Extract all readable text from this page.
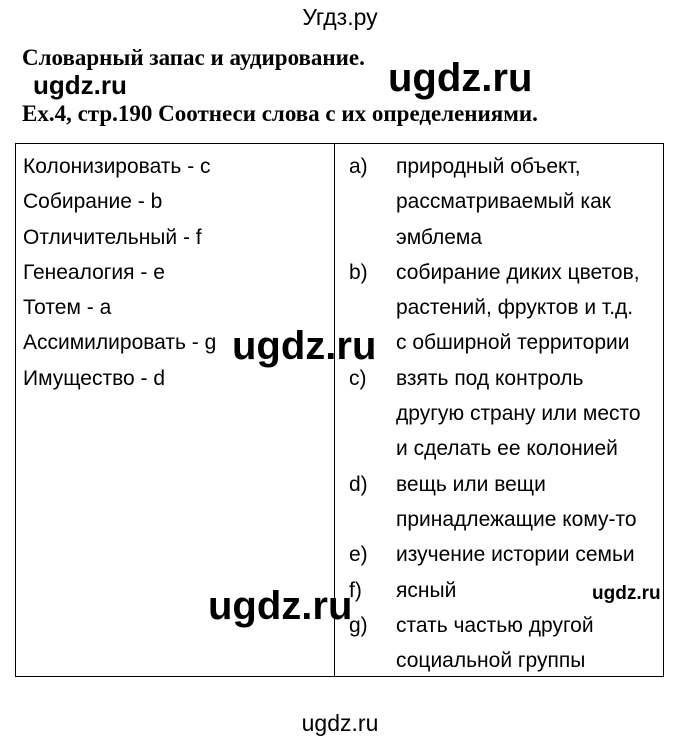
Угдз.ру
Словарный запас и аудирование.
Ex.4, стр.190 Соотнеси слова с их определениями.
Колонизировать - c
Собирание - b
Отличительный - f
Генеалогия - e
Тотем - a
Ассимилировать - g
Имущество - d
a) природный объект,
рассматриваемый как
эмблема
b) собирание диких цветов,
растений, фруктов и т.д.
с обширной территории
c) взять под контроль
другую страну или место
и сделать ее колонией
d) вещь или вещи
принадлежащие кому-то
e) изучение истории семьи
f) ясный
g) стать частью другой
социальной группы
ugdz.ru	ugdz.ru
ugdz.ru
ugdz.ru
ugdz.ru
ugdz.ru
